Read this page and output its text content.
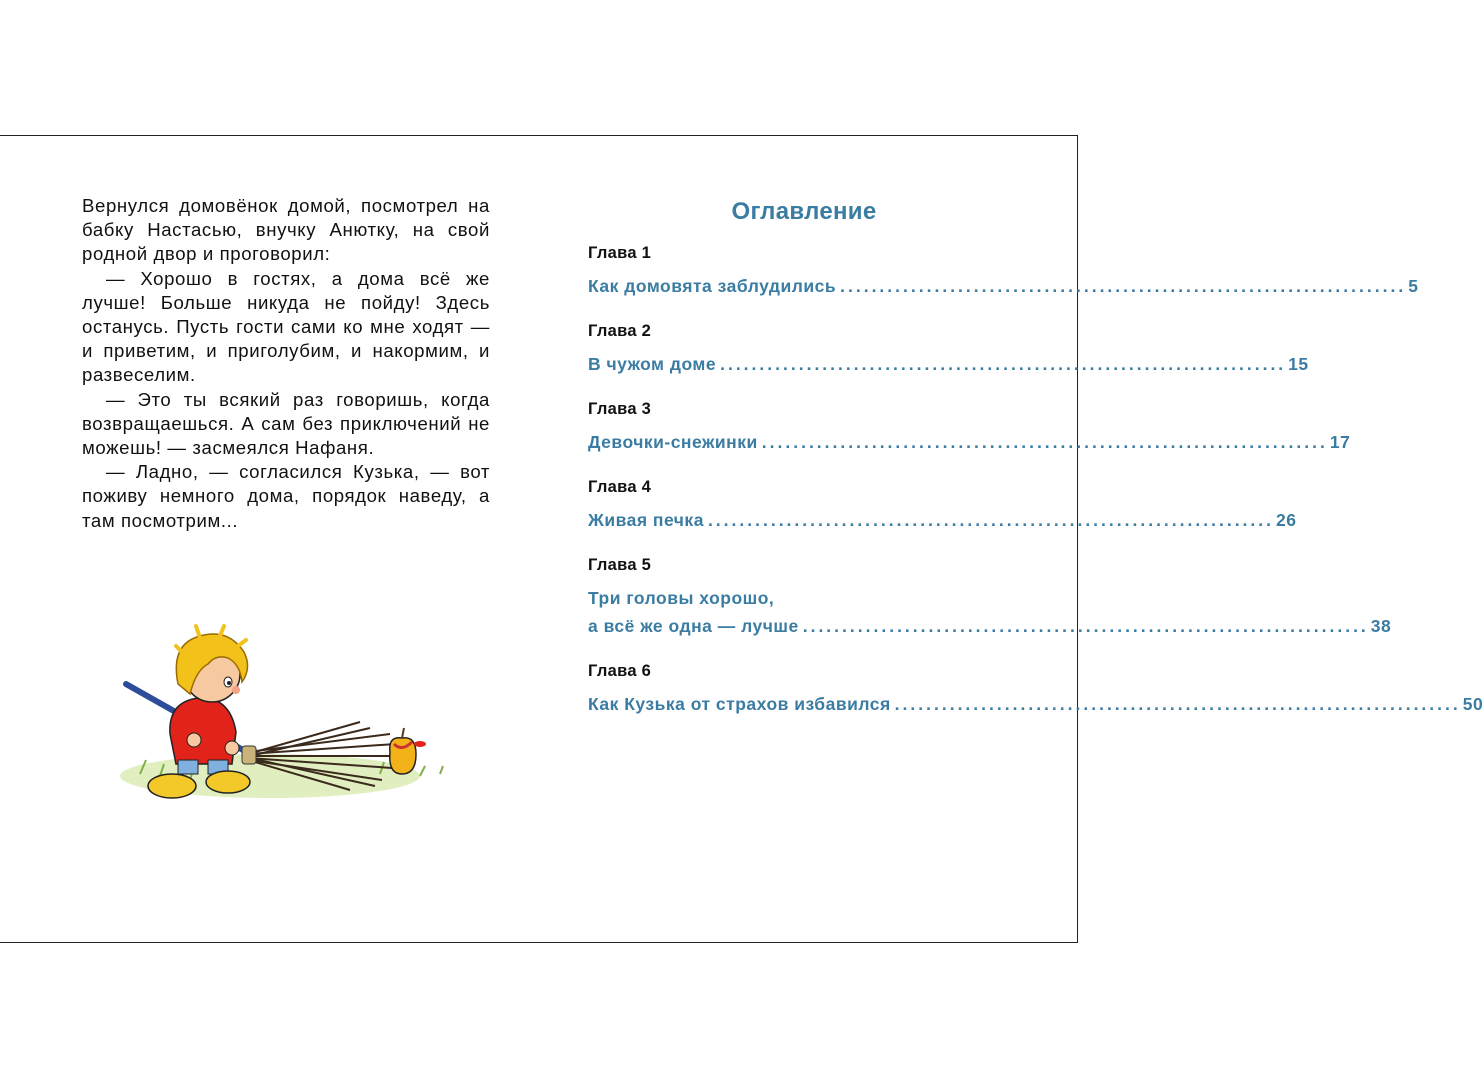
Вернулся домовёнок домой, посмотрел на бабку Настасью, внучку Анютку, на свой родной двор и проговорил:

— Хорошо в гостях, а дома всё же лучше! Больше никуда не пойду! Здесь останусь. Пусть гости сами ко мне ходят — и приветим, и приголубим, и накормим, и развеселим.

— Это ты всякий раз говоришь, когда возвращаешься. А сам без приключений не можешь! — засмеялся Нафаня.

— Ладно, — согласился Кузька, — вот поживу немного дома, порядок наведу, а там посмотрим...

Оглавление
Глава 1
Как домовята заблудились ........................................................................ 5
Глава 2
В чужом доме ........................................................................ 15
Глава 3
Девочки-снежинки ........................................................................ 17
Глава 4
Живая печка ........................................................................ 26
Глава 5
Три головы хорошо,
а всё же одна — лучше ........................................................................ 38
Глава 6
Как Кузька от страхов избавился ........................................................................ 50
